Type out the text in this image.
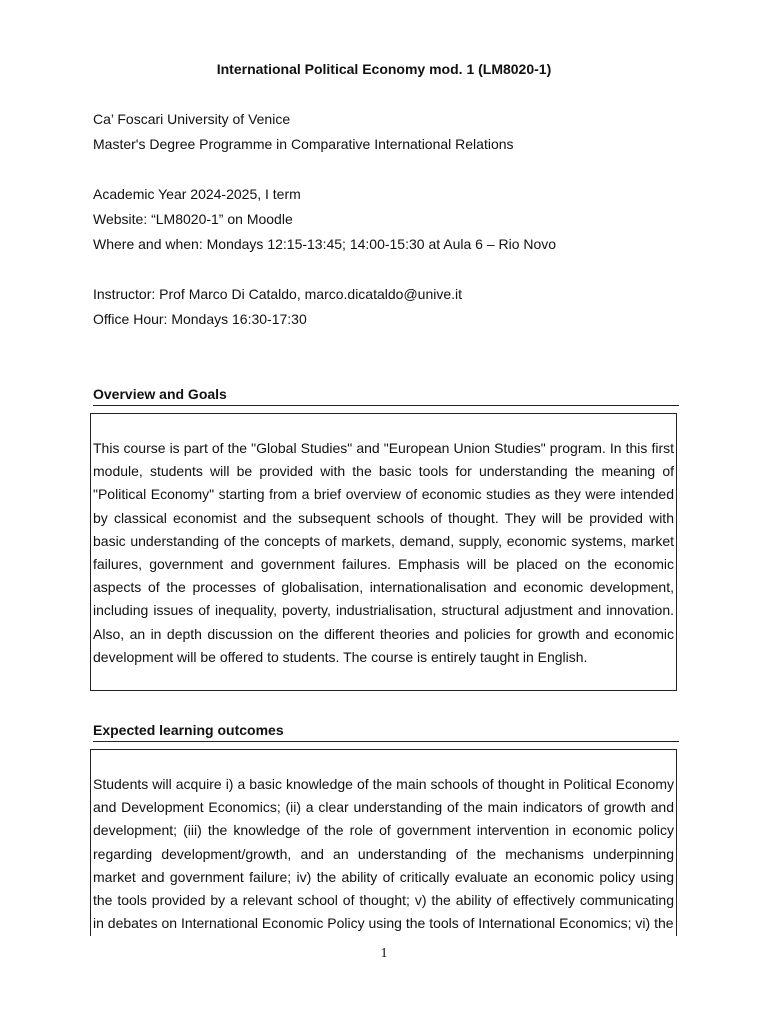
International Political Economy mod. 1 (LM8020-1)
Ca’ Foscari University of Venice
Master's Degree Programme in Comparative International Relations
Academic Year 2024-2025, I term
Website: “LM8020-1” on Moodle
Where and when: Mondays 12:15-13:45; 14:00-15:30 at Aula 6 – Rio Novo
Instructor: Prof Marco Di Cataldo, marco.dicataldo@unive.it
Office Hour: Mondays 16:30-17:30
Overview and Goals

This course is part of the "Global Studies" and "European Union Studies" program. In this first module, students will be provided with the basic tools for understanding the meaning of "Political Economy" starting from a brief overview of economic studies as they were intended by classical economist and the subsequent schools of thought. They will be provided with basic understanding of the concepts of markets, demand, supply, economic systems, market failures, government and government failures. Emphasis will be placed on the economic aspects of the processes of globalisation, internationalisation and economic development, including issues of inequality, poverty, industrialisation, structural adjustment and innovation. Also, an in depth discussion on the different theories and policies for growth and economic development will be offered to students. The course is entirely taught in English.

Expected learning outcomes

Students will acquire i) a basic knowledge of the main schools of thought in Political Economy and Development Economics; (ii) a clear understanding of the main indicators of growth and development; (iii) the knowledge of the role of government intervention in economic policy regarding development/growth, and an understanding of the mechanisms underpinning market and government failure; iv) the ability of critically evaluate an economic policy using the tools provided by a relevant school of thought; v) the ability of effectively communicating in debates on International Economic Policy using the tools of International Economics; vi) the

1
